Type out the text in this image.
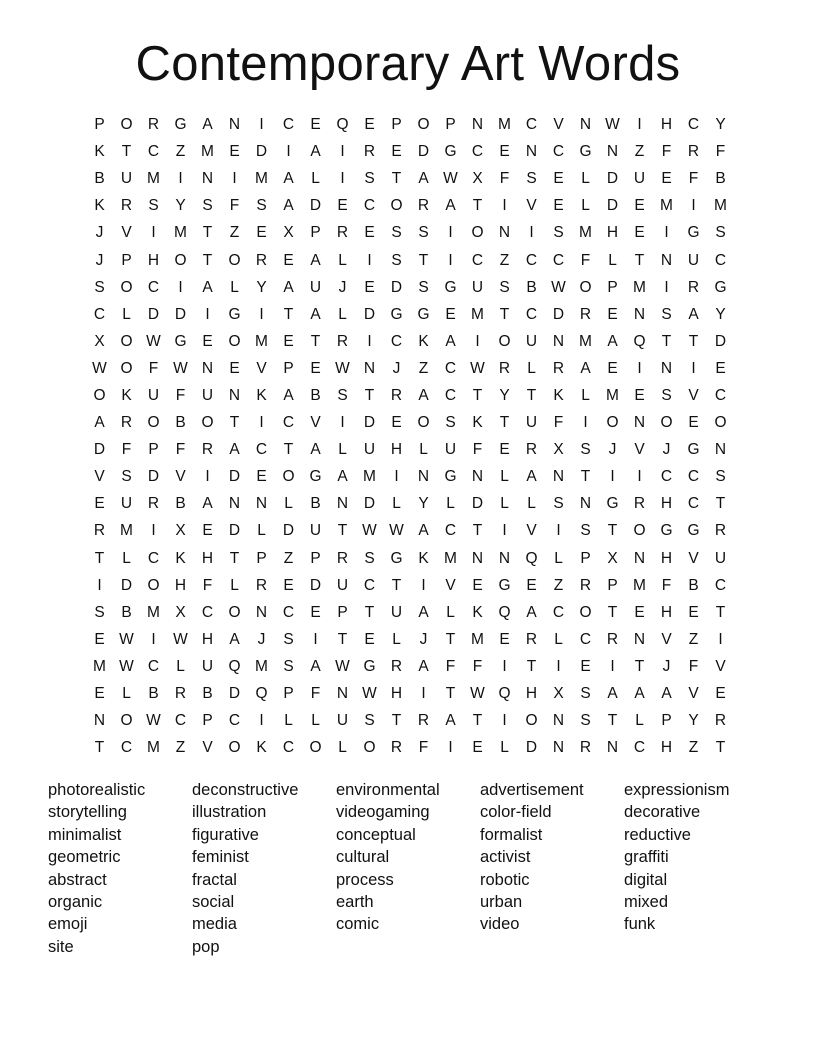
Contemporary Art Words
P	O R G	A	N	I	C	E	Q	E	P	O	P	N M C	V	N W	I	H	C	Y
K	T	C	Z	M E	D	I	A	I	R	E	D G C	E	N	C G N	Z	F	R	F
B	U M	I	N	I	M A	L	I	S	T	A W X	F	S	E	L	D	U	E	F	B
K	R	S	Y	S	F	S	A	D	E	C O R	A	T	I	V	E	L	D	E M	I	M
J	V	I	M	T	Z	E	X	P	R	E	S	S	I	O N	I	S M H	E	I	G	S
J	P	H O	T	O R	E	A	L	I	S	T	I	C	Z	C	C	F	L	T	N	U	C
S	O C	I	A	L	Y	A	U	J	E	D	S	G U	S	B W O	P M	I	R G
C	L	D	D	I	G	I	T	A	L	D G G	E M	T	C	D	R	E	N	S	A	Y
X	O W G	E	O M E	T	R	I	C	K	A	I	O U	N M A	Q	T	T	D
W O	F W N	E	V	P	E W N	J	Z	C W R	L	R	A	E	I	N	I	E
O	K	U	F	U	N	K	A	B	S	T	R	A	C	T	Y	T	K	L	M E	S	V	C
A	R O	B	O	T	I	C	V	I	D	E	O	S	K	T	U	F	I	O N O	E	O
D	F	P	F	R	A	C	T	A	L	U	H	L	U	F	E	R	X	S	J	V	J	G N
V	S	D	V	I	D	E	O G	A M	I	N G N	L	A	N	T	I	I	C	C	S
E	U	R	B	A	N	N	L	B	N	D	L	Y	L	D	L	L	S	N G R	H	C	T
R M	I	X	E	D	L	D	U	T W W A	C	T	I	V	I	S	T	O G G R
T	L	C	K	H	T	P	Z	P	R	S	G	K M N	N Q	L	P	X	N	H	V	U
I	D O H	F	L	R	E	D	U	C	T	I	V	E	G	E	Z	R	P M	F	B	C
S	B M X	C O N	C	E	P	T	U	A	L	K	Q	A	C O	T	E	H	E	T
E W	I	W H	A	J	S	I	T	E	L	J	T	M E	R	L	C	R	N	V	Z	I
M W C	L	U Q M S	A W G R	A	F	F	I	T	I	E	I	T	J	F	V
E	L	B	R	B	D Q	P	F	N W H	I	T W Q H	X	S	A	A	A	V	E
N O W C	P	C	I	L	L	U	S	T	R	A	T	I	O N	S	T	L	P	Y	R
T	C M	Z	V	O	K	C O	L	O R	F	I	E	L	D	N	R	N	C	H	Z	T
photorealistic
storytelling
minimalist
geometric
abstract
organic
emoji
site
deconstructive
illustration
figurative
feminist
fractal
social
media
pop
environmental
videogaming
conceptual
cultural
process
earth
comic
advertisement
color-field
formalist
activist
robotic
urban
video
expressionism
decorative
reductive
graffiti
digital
mixed
funk
